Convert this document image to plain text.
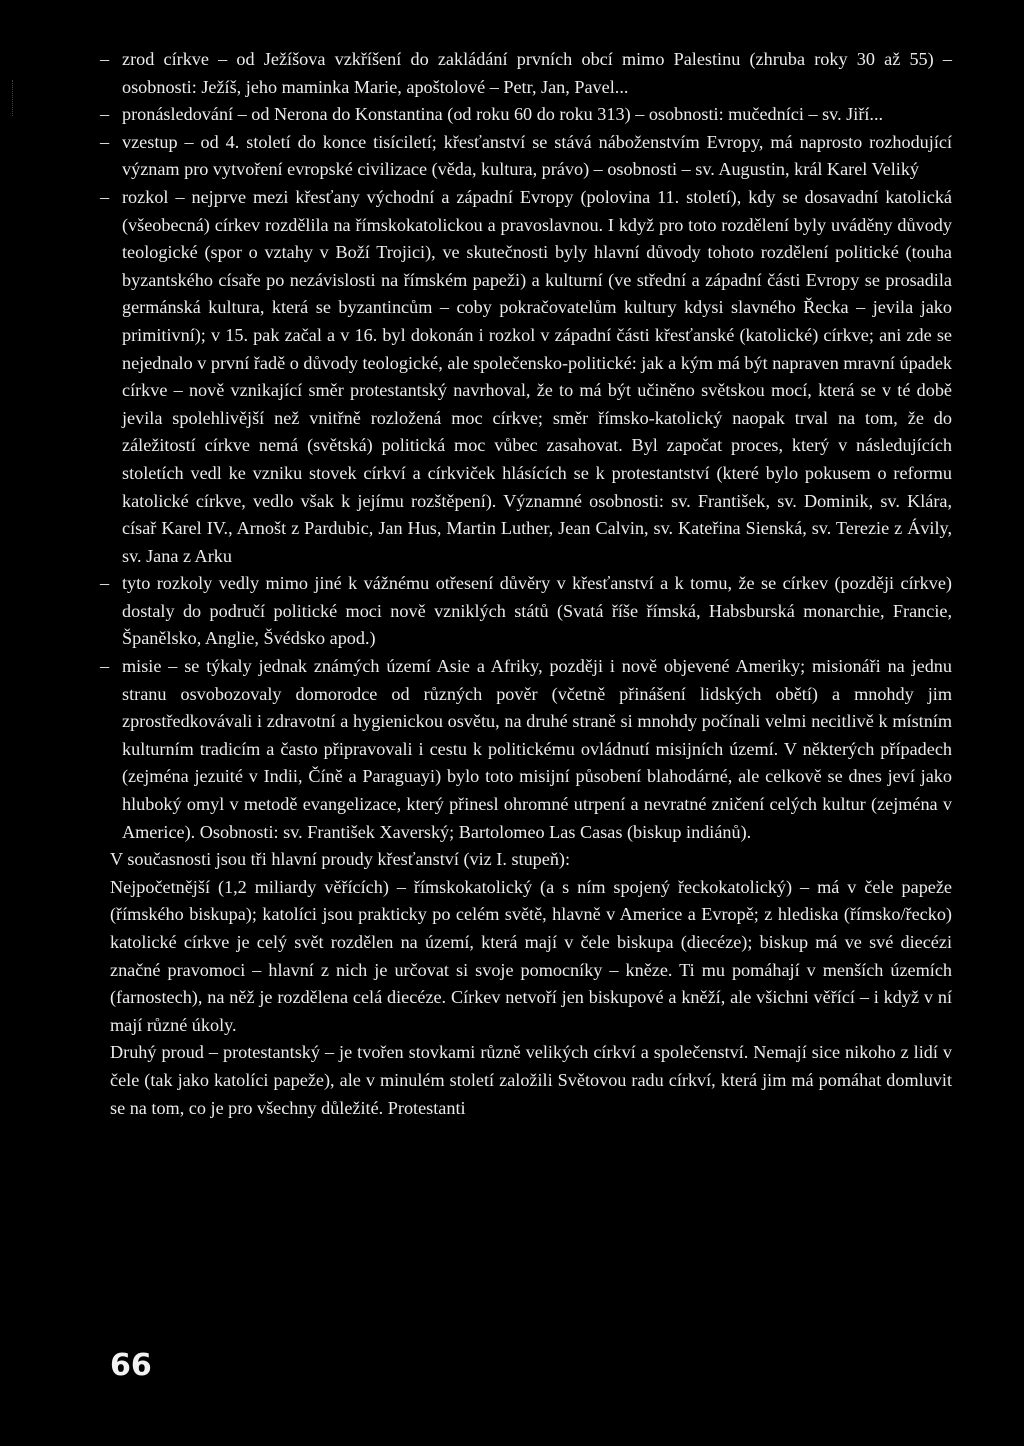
– zrod církve – od Ježíšova vzkříšení do zakládání prvních obcí mimo Palestinu (zhruba roky 30 až 55) – osobnosti: Ježíš, jeho maminka Marie, apoštolové – Petr, Jan, Pavel...
– pronásledování – od Nerona do Konstantina (od roku 60 do roku 313) – osobnosti: mučedníci – sv. Jiří...
– vzestup – od 4. století do konce tisíciletí; křesťanství se stává náboženstvím Evropy, má naprosto rozhodující význam pro vytvoření evropské civilizace (věda, kultura, právo) – osobnosti – sv. Augustin, král Karel Veliký
– rozkol – nejprve mezi křesťany východní a západní Evropy (polovina 11. století), kdy se dosavadní katolická (všeobecná) církev rozdělila na římskokatolickou a pravoslavnou. I když pro toto rozdělení byly uváděny důvody teologické (spor o vztahy v Boží Trojici), ve skutečnosti byly hlavní důvody tohoto rozdělení politické (touha byzantského císaře po nezávislosti na římském papeži) a kulturní (ve střední a západní části Evropy se prosadila germánská kultura, která se byzantincům – coby pokračovatelům kultury kdysi slavného Řecka – jevila jako primitivní); v 15. pak začal a v 16. byl dokonán i rozkol v západní části křesťanské (katolické) církve; ani zde se nejednalo v první řadě o důvody teologické, ale společensko-politické: jak a kým má být napraven mravní úpadek církve – nově vznikající směr protestantský navrhoval, že to má být učiněno světskou mocí, která se v té době jevila spolehlivější než vnitřně rozložená moc církve; směr římsko-katolický naopak trval na tom, že do záležitostí církve nemá (světská) politická moc vůbec zasahovat. Byl započat proces, který v následujících stoletích vedl ke vzniku stovek církví a církviček hlásících se k protestantství (které bylo pokusem o reformu katolické církve, vedlo však k jejímu rozštěpení). Významné osobnosti: sv. František, sv. Dominik, sv. Klára, císař Karel IV., Arnošt z Pardubic, Jan Hus, Martin Luther, Jean Calvin, sv. Kateřina Sienská, sv. Terezie z Ávily, sv. Jana z Arku
– tyto rozkoly vedly mimo jiné k vážnému otřesení důvěry v křesťanství a k tomu, že se církev (později církve) dostaly do područí politické moci nově vzniklých států (Svatá říše římská, Habsburská monarchie, Francie, Španělsko, Anglie, Švédsko apod.)
– misie – se týkaly jednak známých území Asie a Afriky, později i nově objevené Ameriky; misionáři na jednu stranu osvobozovaly domorodce od různých pověr (včetně přinášení lidských obětí) a mnohdy jim zprostředkovávali i zdravotní a hygienickou osvětu, na druhé straně si mnohdy počínali velmi necitlivě k místním kulturním tradicím a často připravovali i cestu k politickému ovládnutí misijních území. V některých případech (zejména jezuité v Indii, Číně a Paraguayi) bylo toto misijní působení blahodárné, ale celkově se dnes jeví jako hluboký omyl v metodě evangelizace, který přinesl ohromné utrpení a nevratné zničení celých kultur (zejména v Americe). Osobnosti: sv. František Xaverský; Bartolomeo Las Casas (biskup indiánů).

V současnosti jsou tři hlavní proudy křesťanství (viz I. stupeň):

Nejpočetnější (1,2 miliardy věřících) – římskokatolický (a s ním spojený řeckokatolický) – má v čele papeže (římského biskupa); katolíci jsou prakticky po celém světě, hlavně v Americe a Evropě; z hlediska (římsko/řecko) katolické církve je celý svět rozdělen na území, která mají v čele biskupa (diecéze); biskup má ve své diecézi značné pravomoci – hlavní z nich je určovat si svoje pomocníky – kněze. Ti mu pomáhají v menších územích (farnostech), na něž je rozdělena celá diecéze. Církev netvoří jen biskupové a kněží, ale všichni věřící – i když v ní mají různé úkoly.

Druhý proud – protestantský – je tvořen stovkami různě velikých církví a společenství. Nemají sice nikoho z lidí v čele (tak jako katolíci papeže), ale v minulém století založili Světovou radu církví, která jim má pomáhat domluvit se na tom, co je pro všechny důležité. Protestanti

66
